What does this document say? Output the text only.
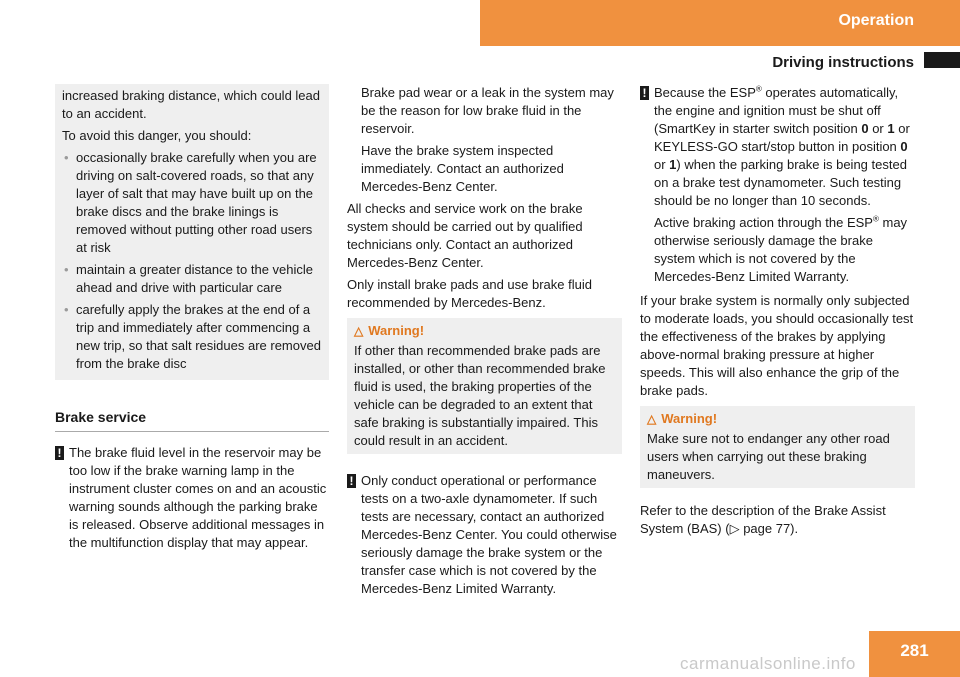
Operation
Driving instructions

increased braking distance, which could lead to an accident.

To avoid this danger, you should:

• occasionally brake carefully when you are driving on salt-covered roads, so that any layer of salt that may have built up on the brake discs and the brake linings is removed without putting other road users at risk
• maintain a greater distance to the vehicle ahead and drive with particular care
• carefully apply the brakes at the end of a trip and immediately after commencing a new trip, so that salt residues are removed from the brake disc
Brake service
! The brake fluid level in the reservoir may be too low if the brake warning lamp in the instrument cluster comes on and an acoustic warning sounds although the parking brake is released. Observe additional messages in the multifunction display that may appear.

Brake pad wear or a leak in the system may be the reason for low brake fluid in the reservoir.

Have the brake system inspected immediately. Contact an authorized Mercedes-Benz Center.

All checks and service work on the brake system should be carried out by qualified technicians only. Contact an authorized Mercedes-Benz Center.

Only install brake pads and use brake fluid recommended by Mercedes-Benz.

△ Warning!
If other than recommended brake pads are installed, or other than recommended brake fluid is used, the braking properties of the vehicle can be degraded to an extent that safe braking is substantially impaired. This could result in an accident.
! Only conduct operational or performance tests on a two-axle dynamometer. If such tests are necessary, contact an authorized Mercedes-Benz Center. You could otherwise seriously damage the brake system or the transfer case which is not covered by the Mercedes-Benz Limited Warranty.
! Because the ESP® operates automatically, the engine and ignition must be shut off (SmartKey in starter switch position 0 or 1 or KEYLESS-GO start/stop button in position 0 or 1) when the parking brake is being tested on a brake test dynamometer. Such testing should be no longer than 10 seconds.

Active braking action through the ESP® may otherwise seriously damage the brake system which is not covered by the Mercedes-Benz Limited Warranty.

If your brake system is normally only subjected to moderate loads, you should occasionally test the effectiveness of the brakes by applying above-normal braking pressure at higher speeds. This will also enhance the grip of the brake pads.

△ Warning!
Make sure not to endanger any other road users when carrying out these braking maneuvers.

Refer to the description of the Brake Assist System (BAS) (▷ page 77).

281
carmanualsonline.info
